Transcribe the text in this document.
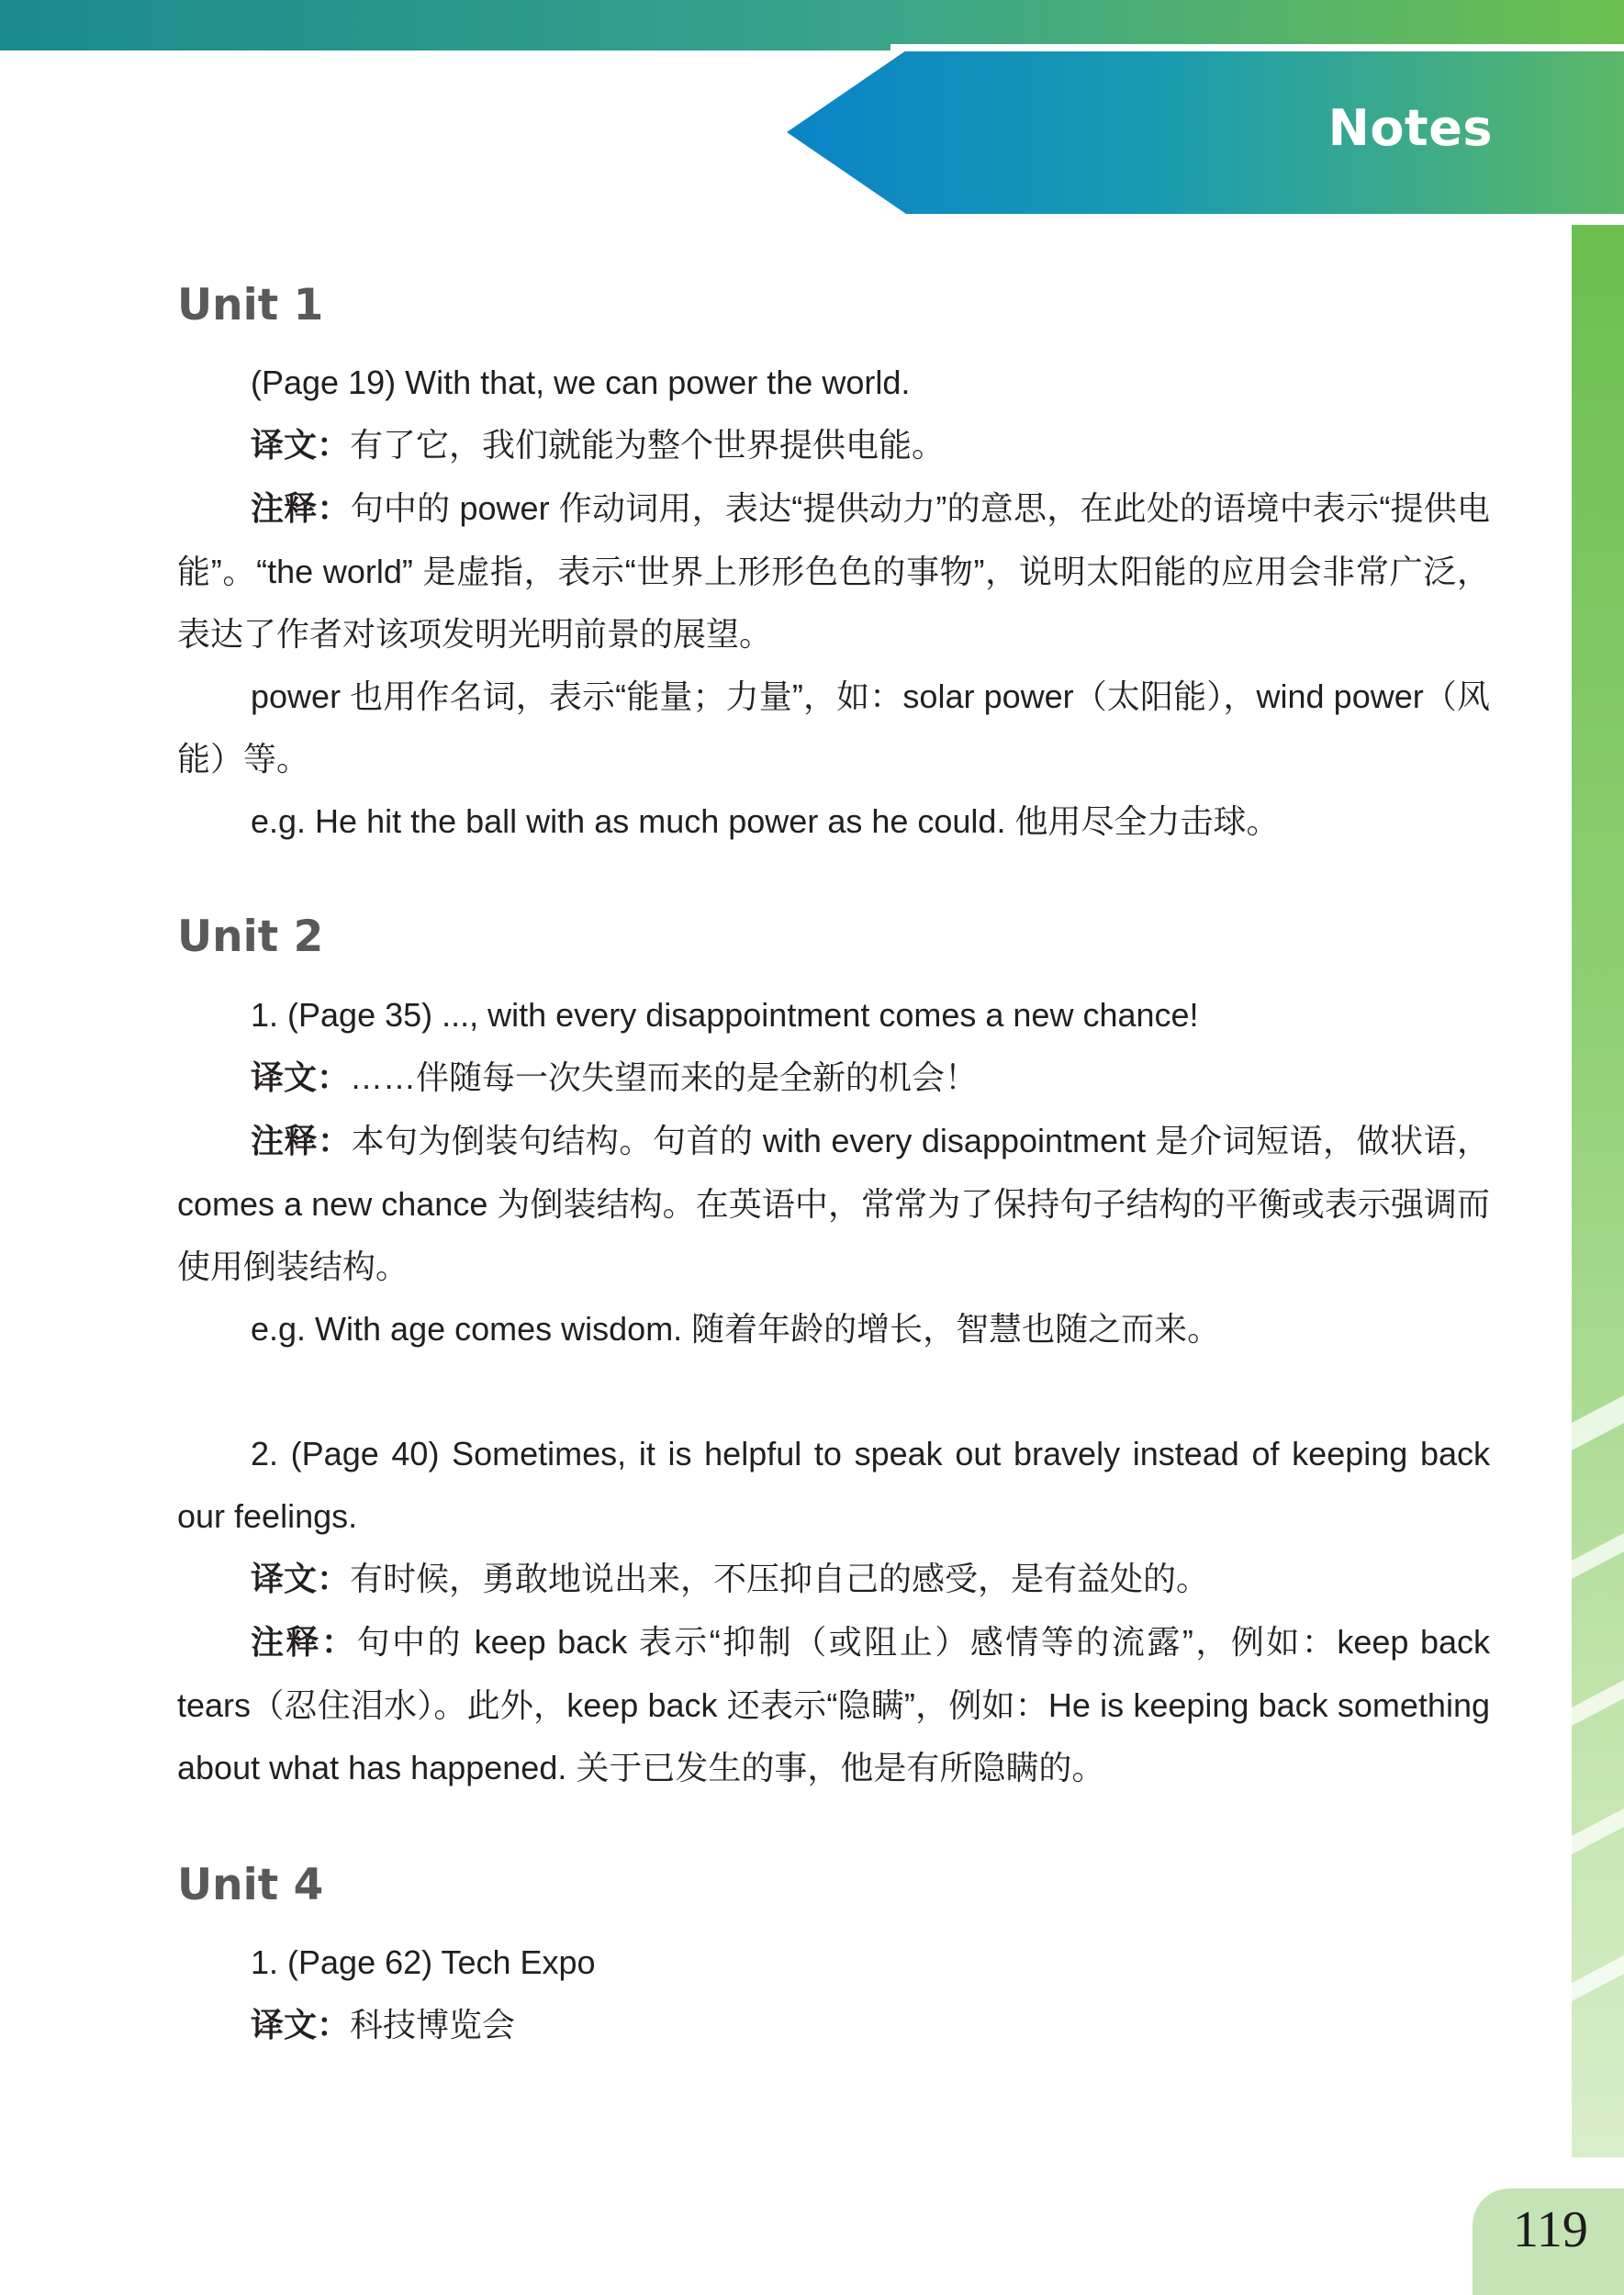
Notes
119
Unit 1

(Page 19) With that, we can power the world.

译文：有了它，我们就能为整个世界提供电能。

注释：句中的 power 作动词用，表达“提供动力”的意思，在此处的语境中表示“提供电能”。“the world” 是虚指，表示“世界上形形色色的事物”，说明太阳能的应用会非常广泛，表达了作者对该项发明光明前景的展望。

power 也用作名词，表示“能量；力量”，如：solar power（太阳能），wind power（风能）等。

e.g. He hit the ball with as much power as he could. 他用尽全力击球。

Unit 2

1. (Page 35) ..., with every disappointment comes a new chance!

译文：……伴随每一次失望而来的是全新的机会！

注释：本句为倒装句结构。句首的 with every disappointment 是介词短语，做状语，comes a new chance 为倒装结构。在英语中，常常为了保持句子结构的平衡或表示强调而使用倒装结构。

e.g. With age comes wisdom. 随着年龄的增长，智慧也随之而来。

2. (Page 40) Sometimes, it is helpful to speak out bravely instead of keeping back our feelings.

译文：有时候，勇敢地说出来，不压抑自己的感受，是有益处的。

注释：句中的 keep back 表示“抑制（或阻止）感情等的流露”，例如：keep back tears（忍住泪水）。此外，keep back 还表示“隐瞒”，例如：He is keeping back something about what has happened. 关于已发生的事，他是有所隐瞒的。

Unit 4

1. (Page 62) Tech Expo

译文：科技博览会
